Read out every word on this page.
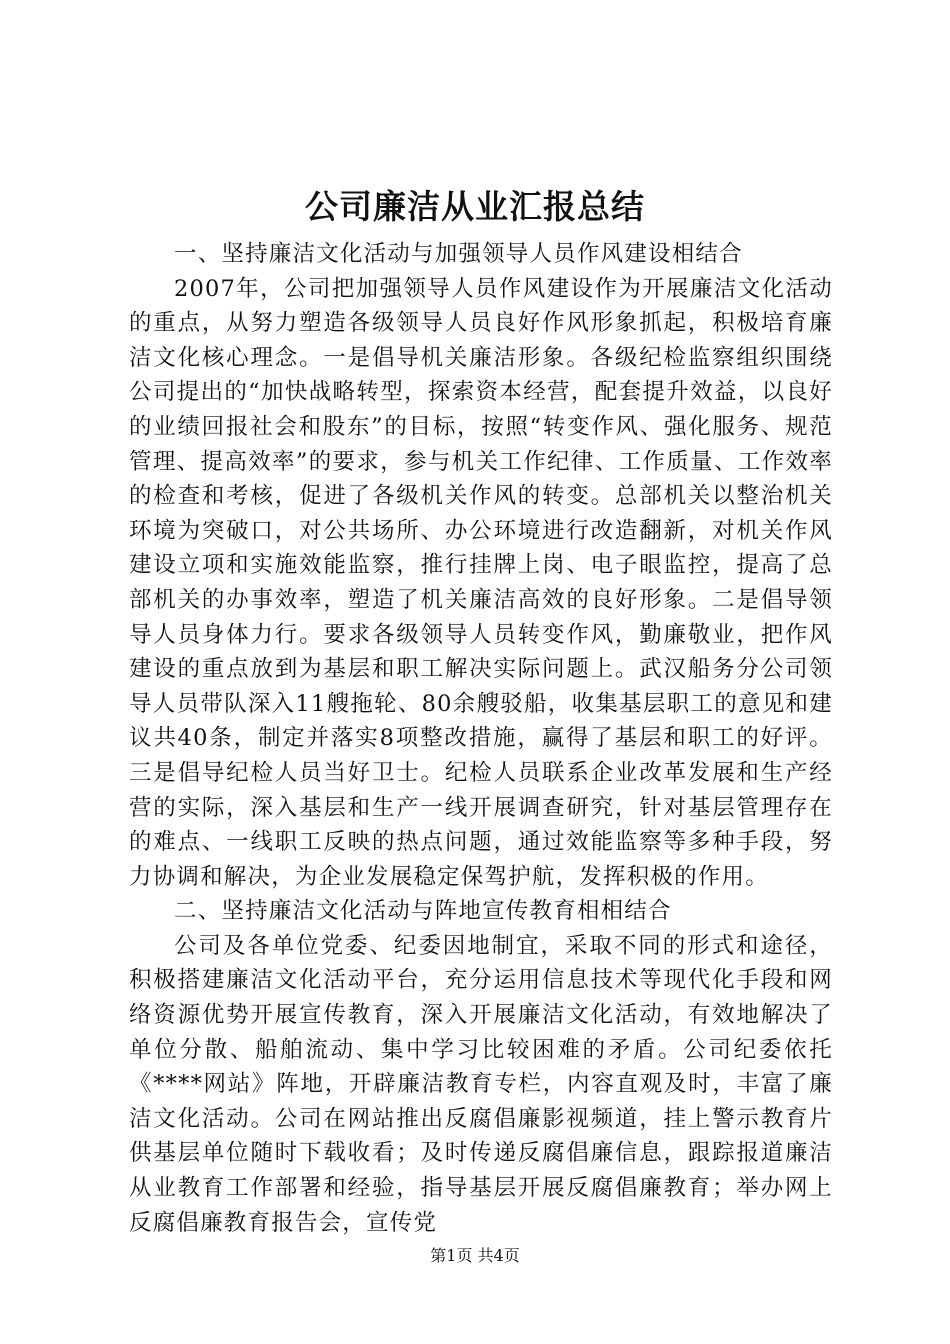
公司廉洁从业汇报总结

一、坚持廉洁文化活动与加强领导人员作风建设相结合

2007年，公司把加强领导人员作风建设作为开展廉洁文化活动的重点，从努力塑造各级领导人员良好作风形象抓起，积极培育廉洁文化核心理念。一是倡导机关廉洁形象。各级纪检监察组织围绕公司提出的“加快战略转型，探索资本经营，配套提升效益，以良好的业绩回报社会和股东”的目标，按照“转变作风、强化服务、规范管理、提高效率”的要求，参与机关工作纪律、工作质量、工作效率的检查和考核，促进了各级机关作风的转变。总部机关以整治机关环境为突破口，对公共场所、办公环境进行改造翻新，对机关作风建设立项和实施效能监察，推行挂牌上岗、电子眼监控，提高了总部机关的办事效率，塑造了机关廉洁高效的良好形象。二是倡导领导人员身体力行。要求各级领导人员转变作风，勤廉敬业，把作风建设的重点放到为基层和职工解决实际问题上。武汉船务分公司领导人员带队深入11艘拖轮、80余艘驳船，收集基层职工的意见和建议共40条，制定并落实8项整改措施，赢得了基层和职工的好评。三是倡导纪检人员当好卫士。纪检人员联系企业改革发展和生产经营的实际，深入基层和生产一线开展调查研究，针对基层管理存在的难点、一线职工反映的热点问题，通过效能监察等多种手段，努力协调和解决，为企业发展稳定保驾护航，发挥积极的作用。

二、坚持廉洁文化活动与阵地宣传教育相相结合

公司及各单位党委、纪委因地制宜，采取不同的形式和途径，积极搭建廉洁文化活动平台，充分运用信息技术等现代化手段和网络资源优势开展宣传教育，深入开展廉洁文化活动，有效地解决了单位分散、船舶流动、集中学习比较困难的矛盾。公司纪委依托《****网站》阵地，开辟廉洁教育专栏，内容直观及时，丰富了廉洁文化活动。公司在网站推出反腐倡廉影视频道，挂上警示教育片供基层单位随时下载收看；及时传递反腐倡廉信息，跟踪报道廉洁从业教育工作部署和经验，指导基层开展反腐倡廉教育；举办网上反腐倡廉教育报告会，宣传党

第1页 共4页
